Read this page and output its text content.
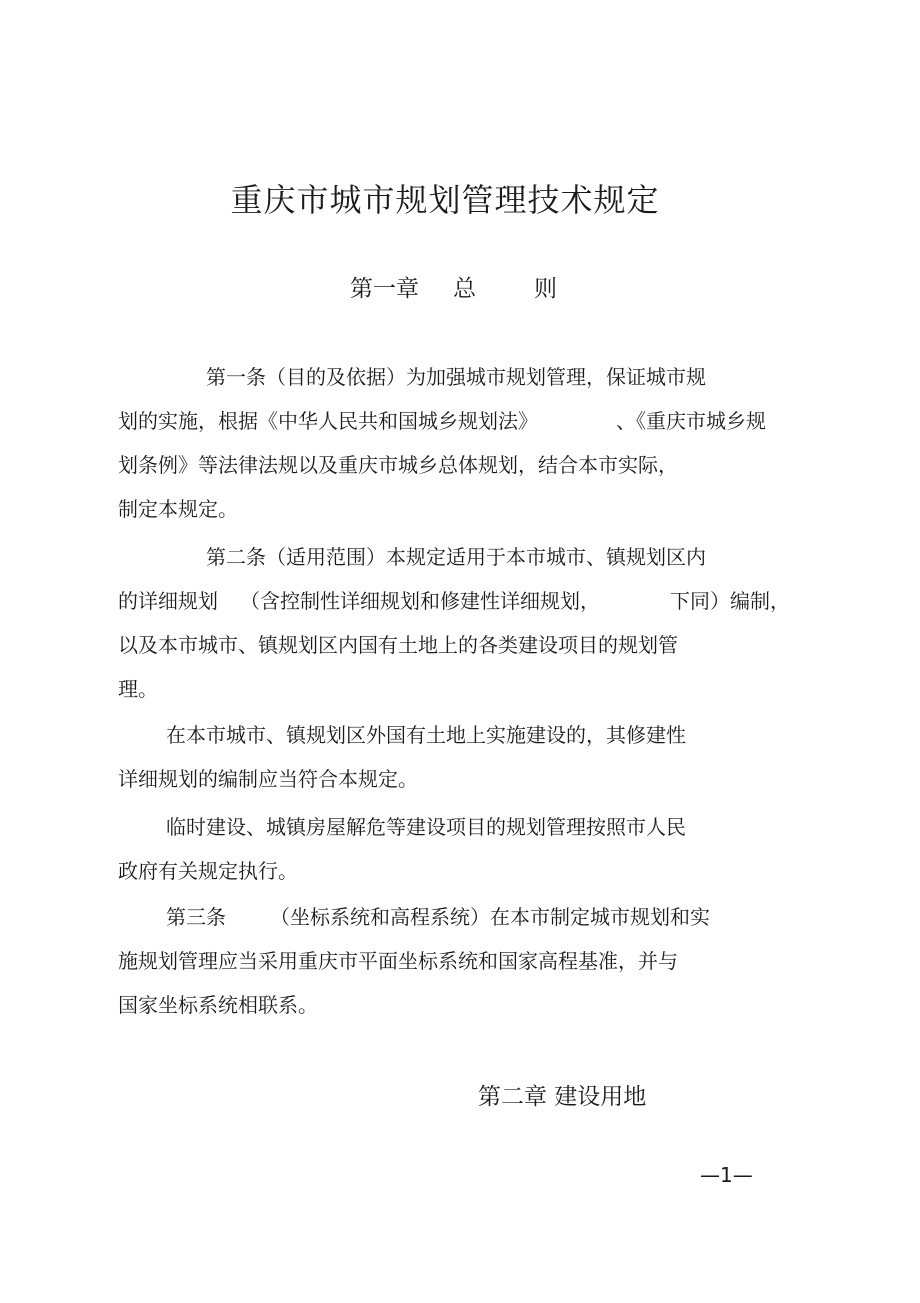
重庆市城市规划管理技术规定
第一章 总	则
第一条（目的及依据）为加强城市规划管理，保证城市规
划的实施，根据《中华人民共和国城乡规划法》	、《重庆市城乡规
划条例》等法律法规以及重庆市城乡总体规划，结合本市实际，
制定本规定。
第二条（适用范围）本规定适用于本市城市、镇规划区内
的详细规划 （含控制性详细规划和修建性详细规划，	下同）编制，
以及本市城市、镇规划区内国有土地上的各类建设项目的规划管
理。
在本市城市、镇规划区外国有土地上实施建设的，其修建性
详细规划的编制应当符合本规定。
临时建设、城镇房屋解危等建设项目的规划管理按照市人民
政府有关规定执行。
第三条 （坐标系统和高程系统）在本市制定城市规划和实
施规划管理应当采用重庆市平面坐标系统和国家高程基准，并与
国家坐标系统相联系。
第二章 建设用地
—1—
